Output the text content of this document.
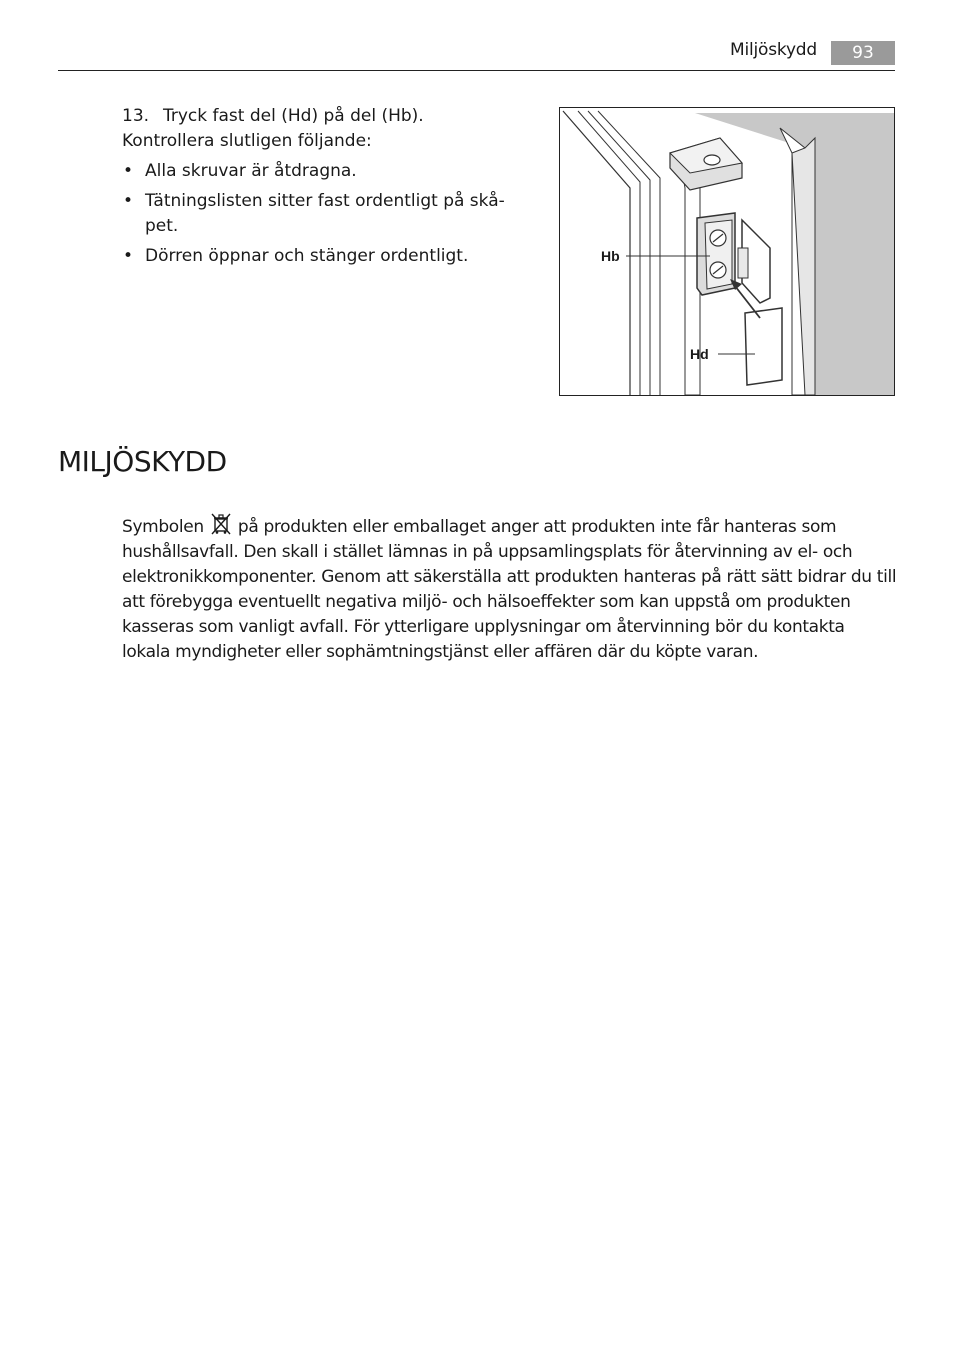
Miljöskydd	93
13. Tryck fast del (Hd) på del (Hb).
Kontrollera slutligen följande:
• Alla skruvar är åtdragna.
• Tätningslisten sitter fast ordentligt på skå-pet.
• Dörren öppnar och stänger ordentligt.	Hb
Hd
MILJÖSKYDD

Symbolen på produkten eller emballaget anger att produkten inte får hanteras som hushållsavfall. Den skall i stället lämnas in på uppsamlingsplats för återvinning av el- och elektronikkomponenter. Genom att säkerställa att produkten hanteras på rätt sätt bidrar du till att förebygga eventuellt negativa miljö- och hälsoeffekter som kan uppstå om produkten kasseras som vanligt avfall. För ytterligare upplysningar om återvinning bör du kontakta lokala myndigheter eller sophämtningstjänst eller affären där du köpte varan.
